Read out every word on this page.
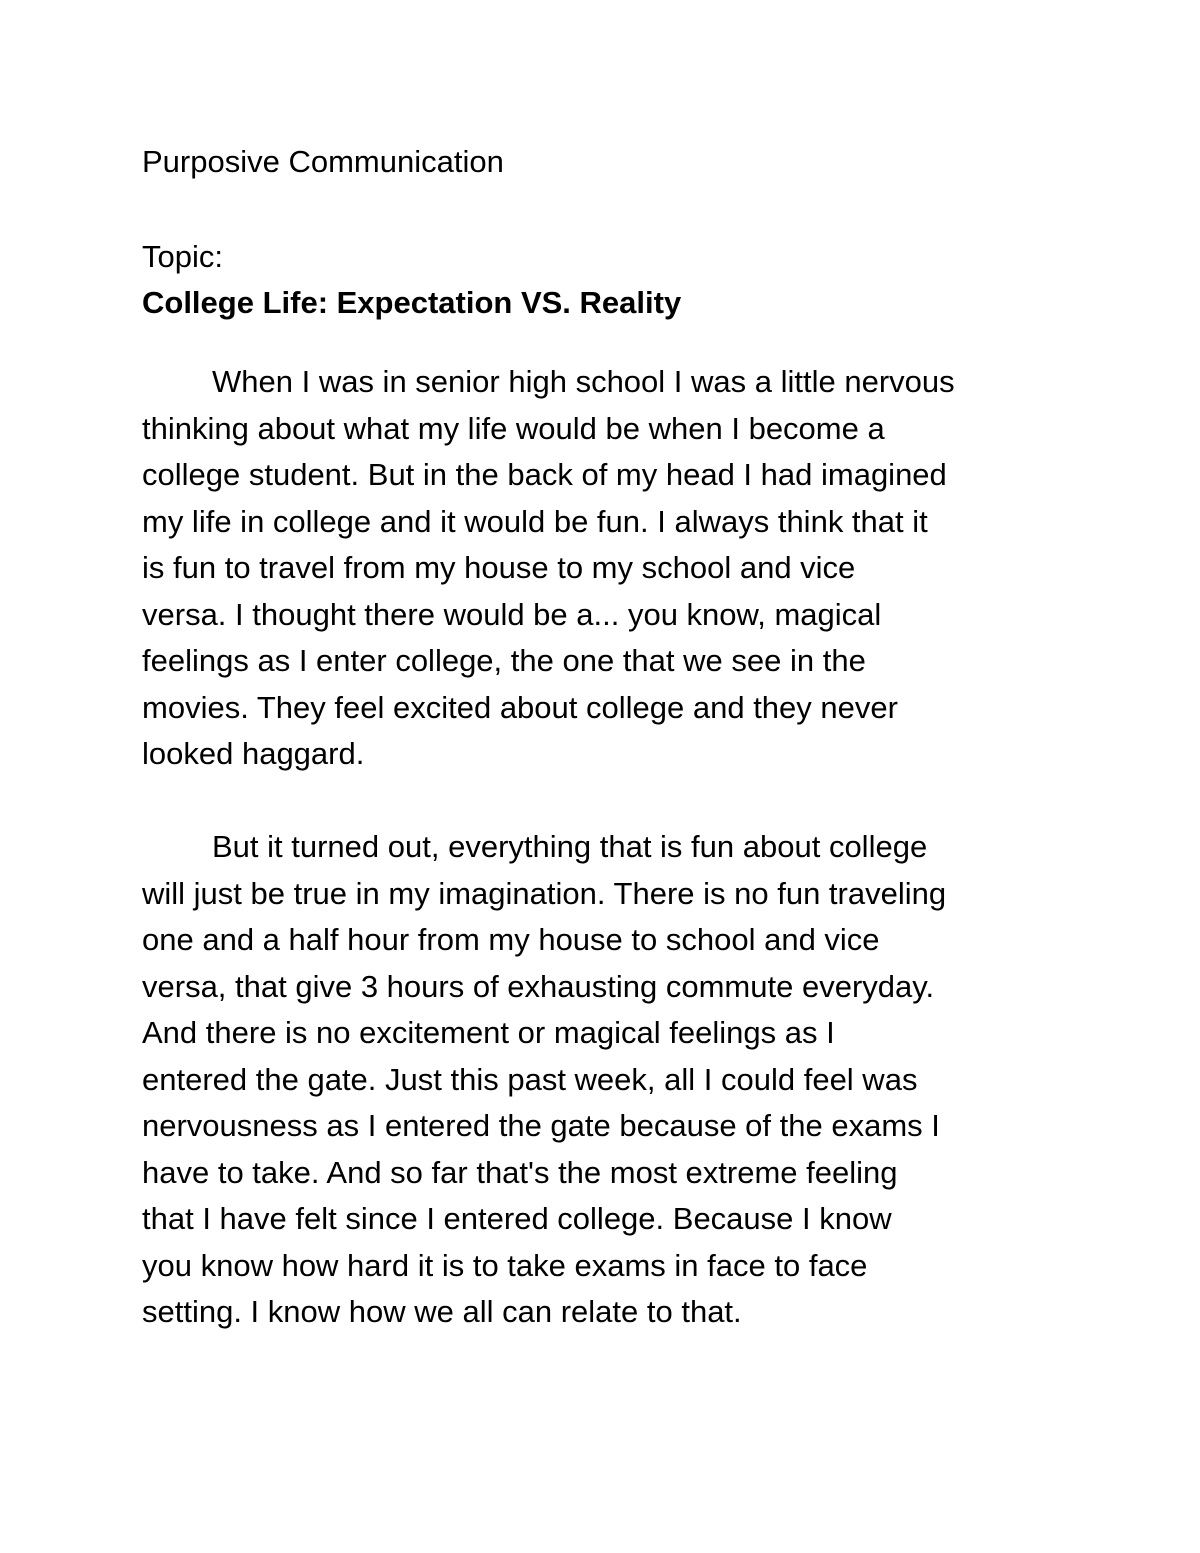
Purposive Communication
Topic:
College Life: Expectation VS. Reality
When I was in senior high school I was a little nervous
thinking about what my life would be when I become a
college student. But in the back of my head I had imagined
my life in college and it would be fun. I always think that it
is fun to travel from my house to my school and vice
versa. I thought there would be a... you know, magical
feelings as I enter college, the one that we see in the
movies. They feel excited about college and they never
looked haggard.
But it turned out, everything that is fun about college
will just be true in my imagination. There is no fun traveling
one and a half hour from my house to school and vice
versa, that give 3 hours of exhausting commute everyday.
And there is no excitement or magical feelings as I
entered the gate. Just this past week, all I could feel was
nervousness as I entered the gate because of the exams I
have to take. And so far that's the most extreme feeling
that I have felt since I entered college. Because I know
you know how hard it is to take exams in face to face
setting. I know how we all can relate to that.
